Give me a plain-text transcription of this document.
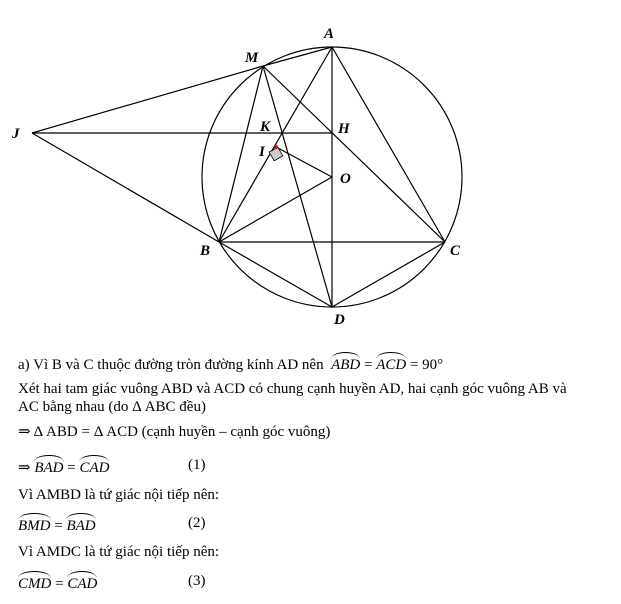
A
M
J	K	H
I
O
B	C
D
a) Vì B và C thuộc đường tròn đường kính AD nên ABD = ACD = 90°
Xét hai tam giác vuông ABD và ACD có chung cạnh huyền AD, hai cạnh góc vuông AB và
AC bằng nhau (do Δ ABC đều)
⇒ Δ ABD = Δ ACD (cạnh huyền – cạnh góc vuông)
⇒ BAD = CAD	(1)
Vì AMBD là tứ giác nội tiếp nên:
BMD = BAD	(2)
Vì AMDC là tứ giác nội tiếp nên:
CMD = CAD	(3)
